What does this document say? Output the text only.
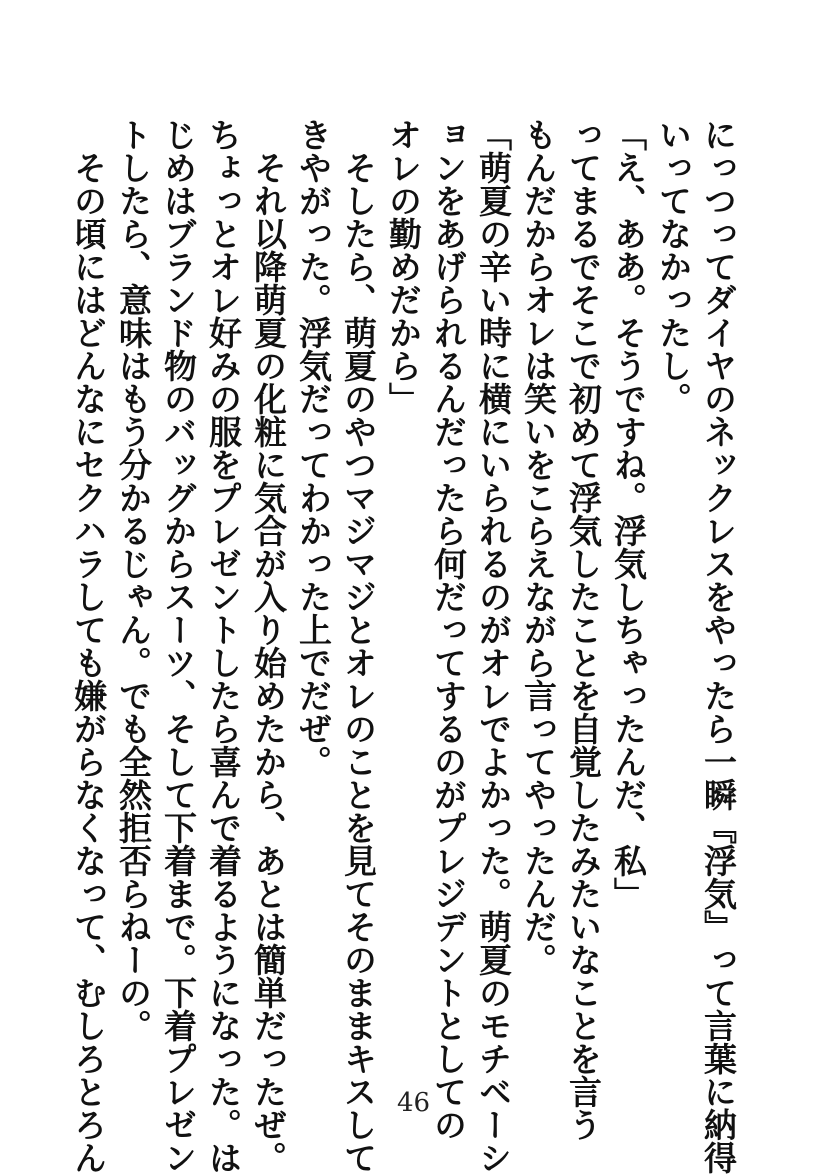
にっつってダイヤのネックレスをやったら一瞬『浮気』って言葉に納得
いってなかったし。
「え、ああ。そうですね。浮気しちゃったんだ、私」
ってまるでそこで初めて浮気したことを自覚したみたいなことを言う
もんだからオレは笑いをこらえながら言ってやったんだ。
「萌夏の辛い時に横にいられるのがオレでよかった。萌夏のモチベーシ
ョンをあげられるんだったら何だってするのがプレジデントとしての
オレの勤めだから」
　そしたら、萌夏のやつマジマジとオレのことを見てそのままキスして
きやがった。浮気だってわかった上でだぜ。
　それ以降萌夏の化粧に気合が入り始めたから、あとは簡単だったぜ。
ちょっとオレ好みの服をプレゼントしたら喜んで着るようになった。は
じめはブランド物のバッグからスーツ、そして下着まで。下着プレゼン
トしたら、意味はもう分かるじゃん。でも全然拒否らねーの。
　その頃にはどんなにセクハラしても嫌がらなくなって、むしろとろん	46
